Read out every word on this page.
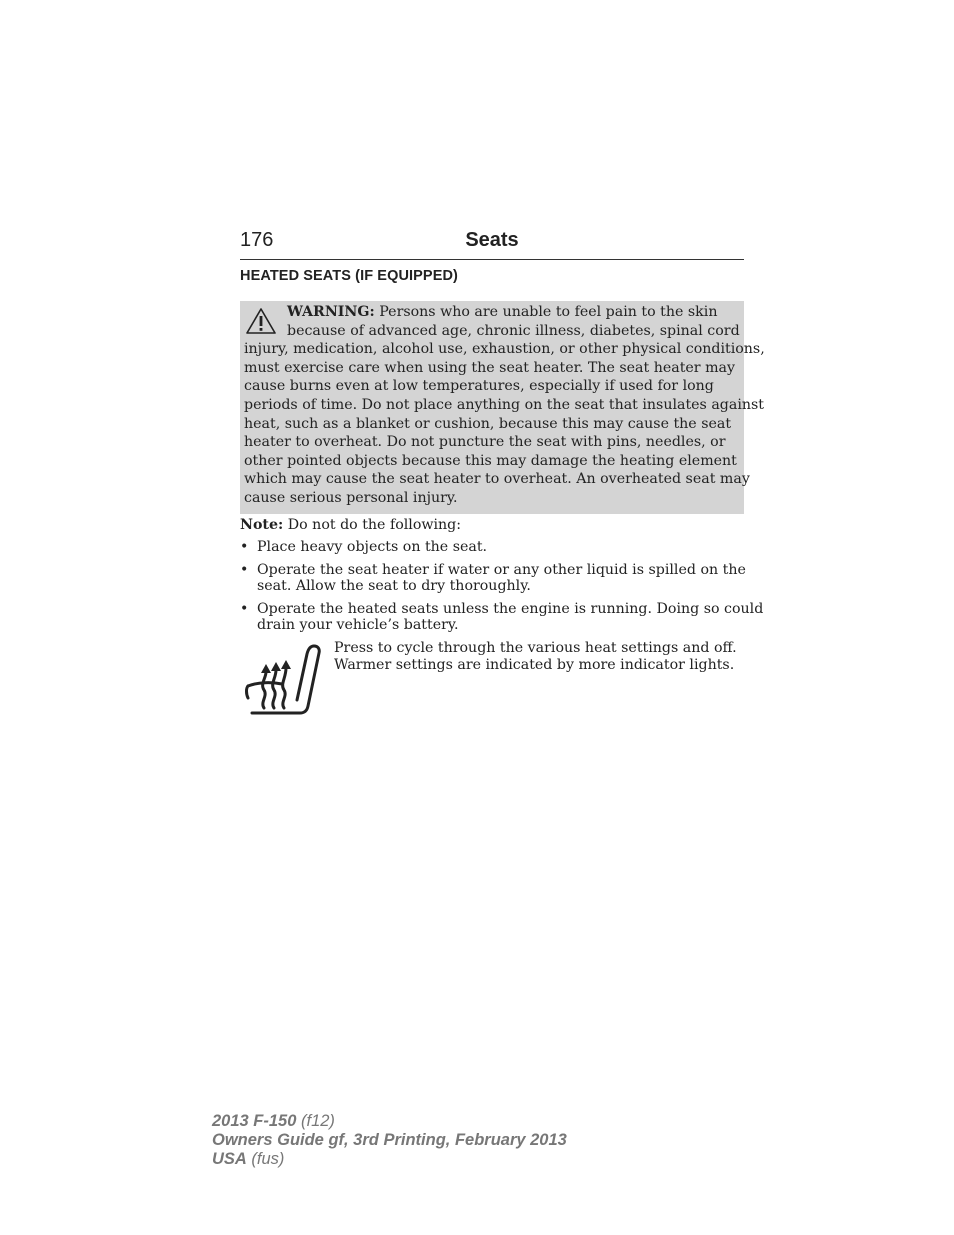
176	Seats
HEATED SEATS (IF EQUIPPED)
WARNING: Persons who are unable to feel pain to the skin
because of advanced age, chronic illness, diabetes, spinal cord
injury, medication, alcohol use, exhaustion, or other physical conditions,
must exercise care when using the seat heater. The seat heater may
cause burns even at low temperatures, especially if used for long
periods of time. Do not place anything on the seat that insulates against
heat, such as a blanket or cushion, because this may cause the seat
heater to overheat. Do not puncture the seat with pins, needles, or
other pointed objects because this may damage the heating element
which may cause the seat heater to overheat. An overheated seat may
cause serious personal injury.
Note: Do not do the following:
• Place heavy objects on the seat.
• Operate the seat heater if water or any other liquid is spilled on the
seat. Allow the seat to dry thoroughly.
• Operate the heated seats unless the engine is running. Doing so could
drain your vehicle’s battery.
Press to cycle through the various heat settings and off.
Warmer settings are indicated by more indicator lights.
2013 F-150 (f12)
Owners Guide gf, 3rd Printing, February 2013
USA (fus)
